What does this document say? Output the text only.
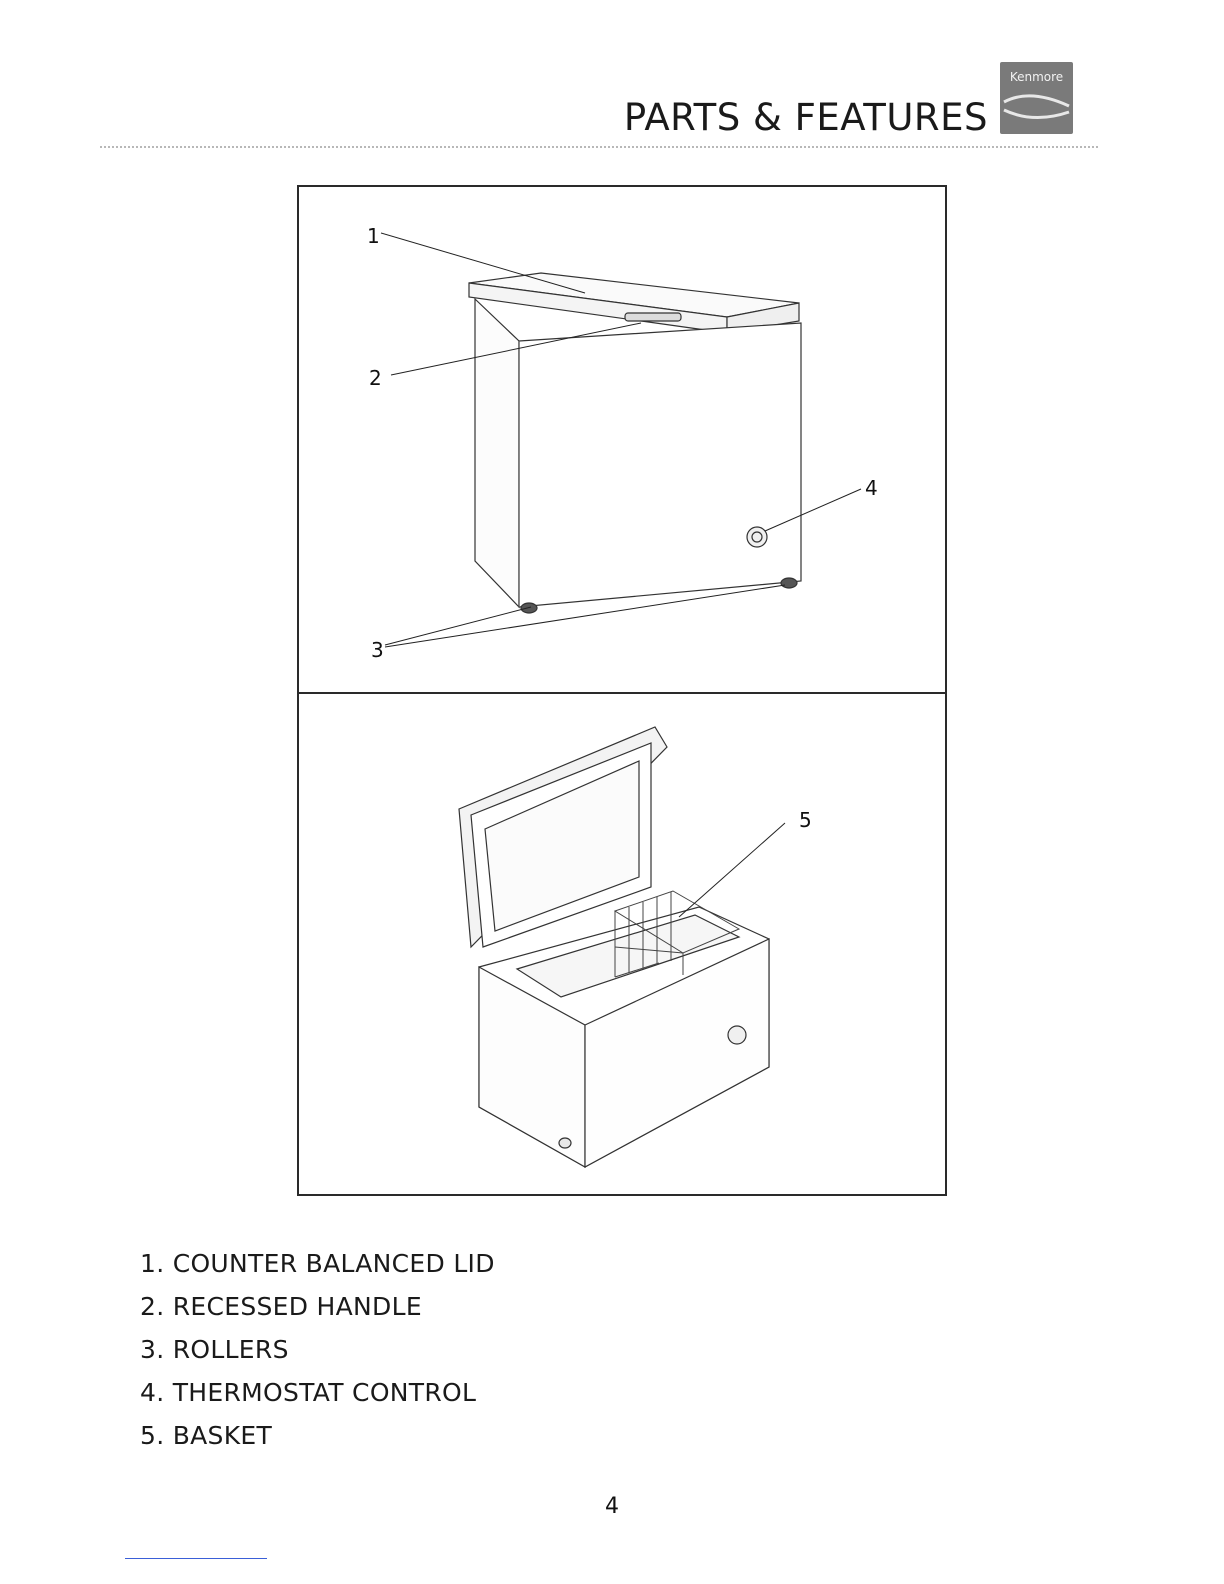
PARTS & FEATURES
Kenmore
1
2
4
3
5
1. COUNTER BALANCED LID
2. RECESSED HANDLE
3. ROLLERS
4. THERMOSTAT CONTROL
5. BASKET
4
